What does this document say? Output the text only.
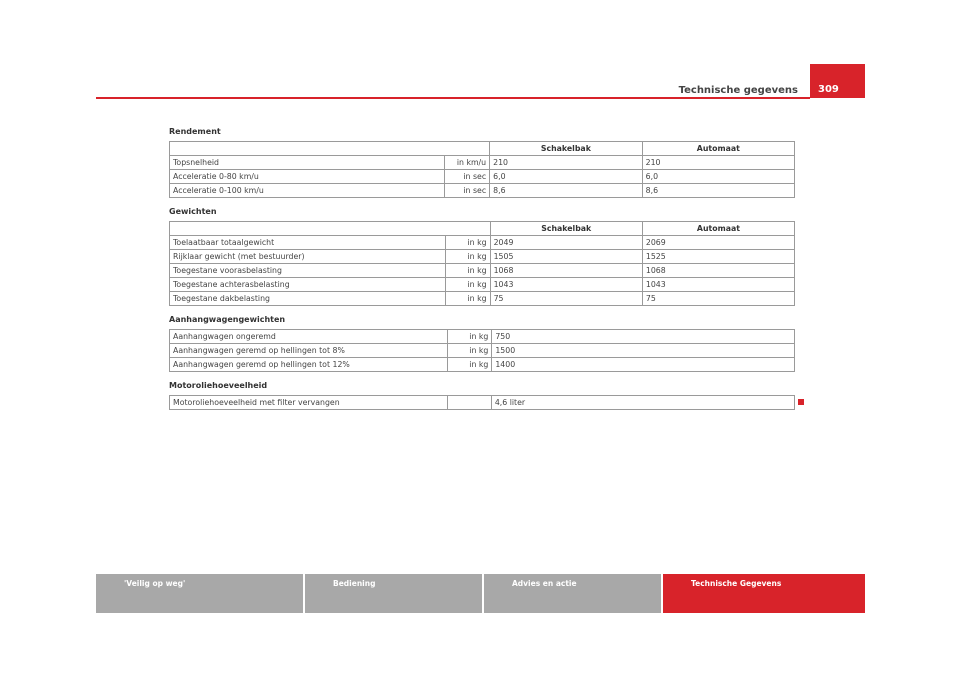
Technische gegevens	309
Rendement
		Schakelbak	Automaat
Topsnelheid	in km/u	210	210
Acceleratie 0-80 km/u	in sec	6,0	6,0
Acceleratie 0-100 km/u	in sec	8,6	8,6
Gewichten
		Schakelbak	Automaat
Toelaatbaar totaalgewicht	in kg	2049	2069
Rijklaar gewicht (met bestuurder)	in kg	1505	1525
Toegestane voorasbelasting	in kg	1068	1068
Toegestane achterasbelasting	in kg	1043	1043
Toegestane dakbelasting	in kg	75	75
Aanhangwagengewichten
Aanhangwagen ongeremd	in kg	750	
Aanhangwagen geremd op hellingen tot 8%	in kg	1500	
Aanhangwagen geremd op hellingen tot 12%	in kg	1400	
Motoroliehoeveelheid
Motoroliehoeveelheid met filter vervangen		4,6 liter	
'Veilig op weg'	Bediening	Advies en actie	Technische Gegevens
